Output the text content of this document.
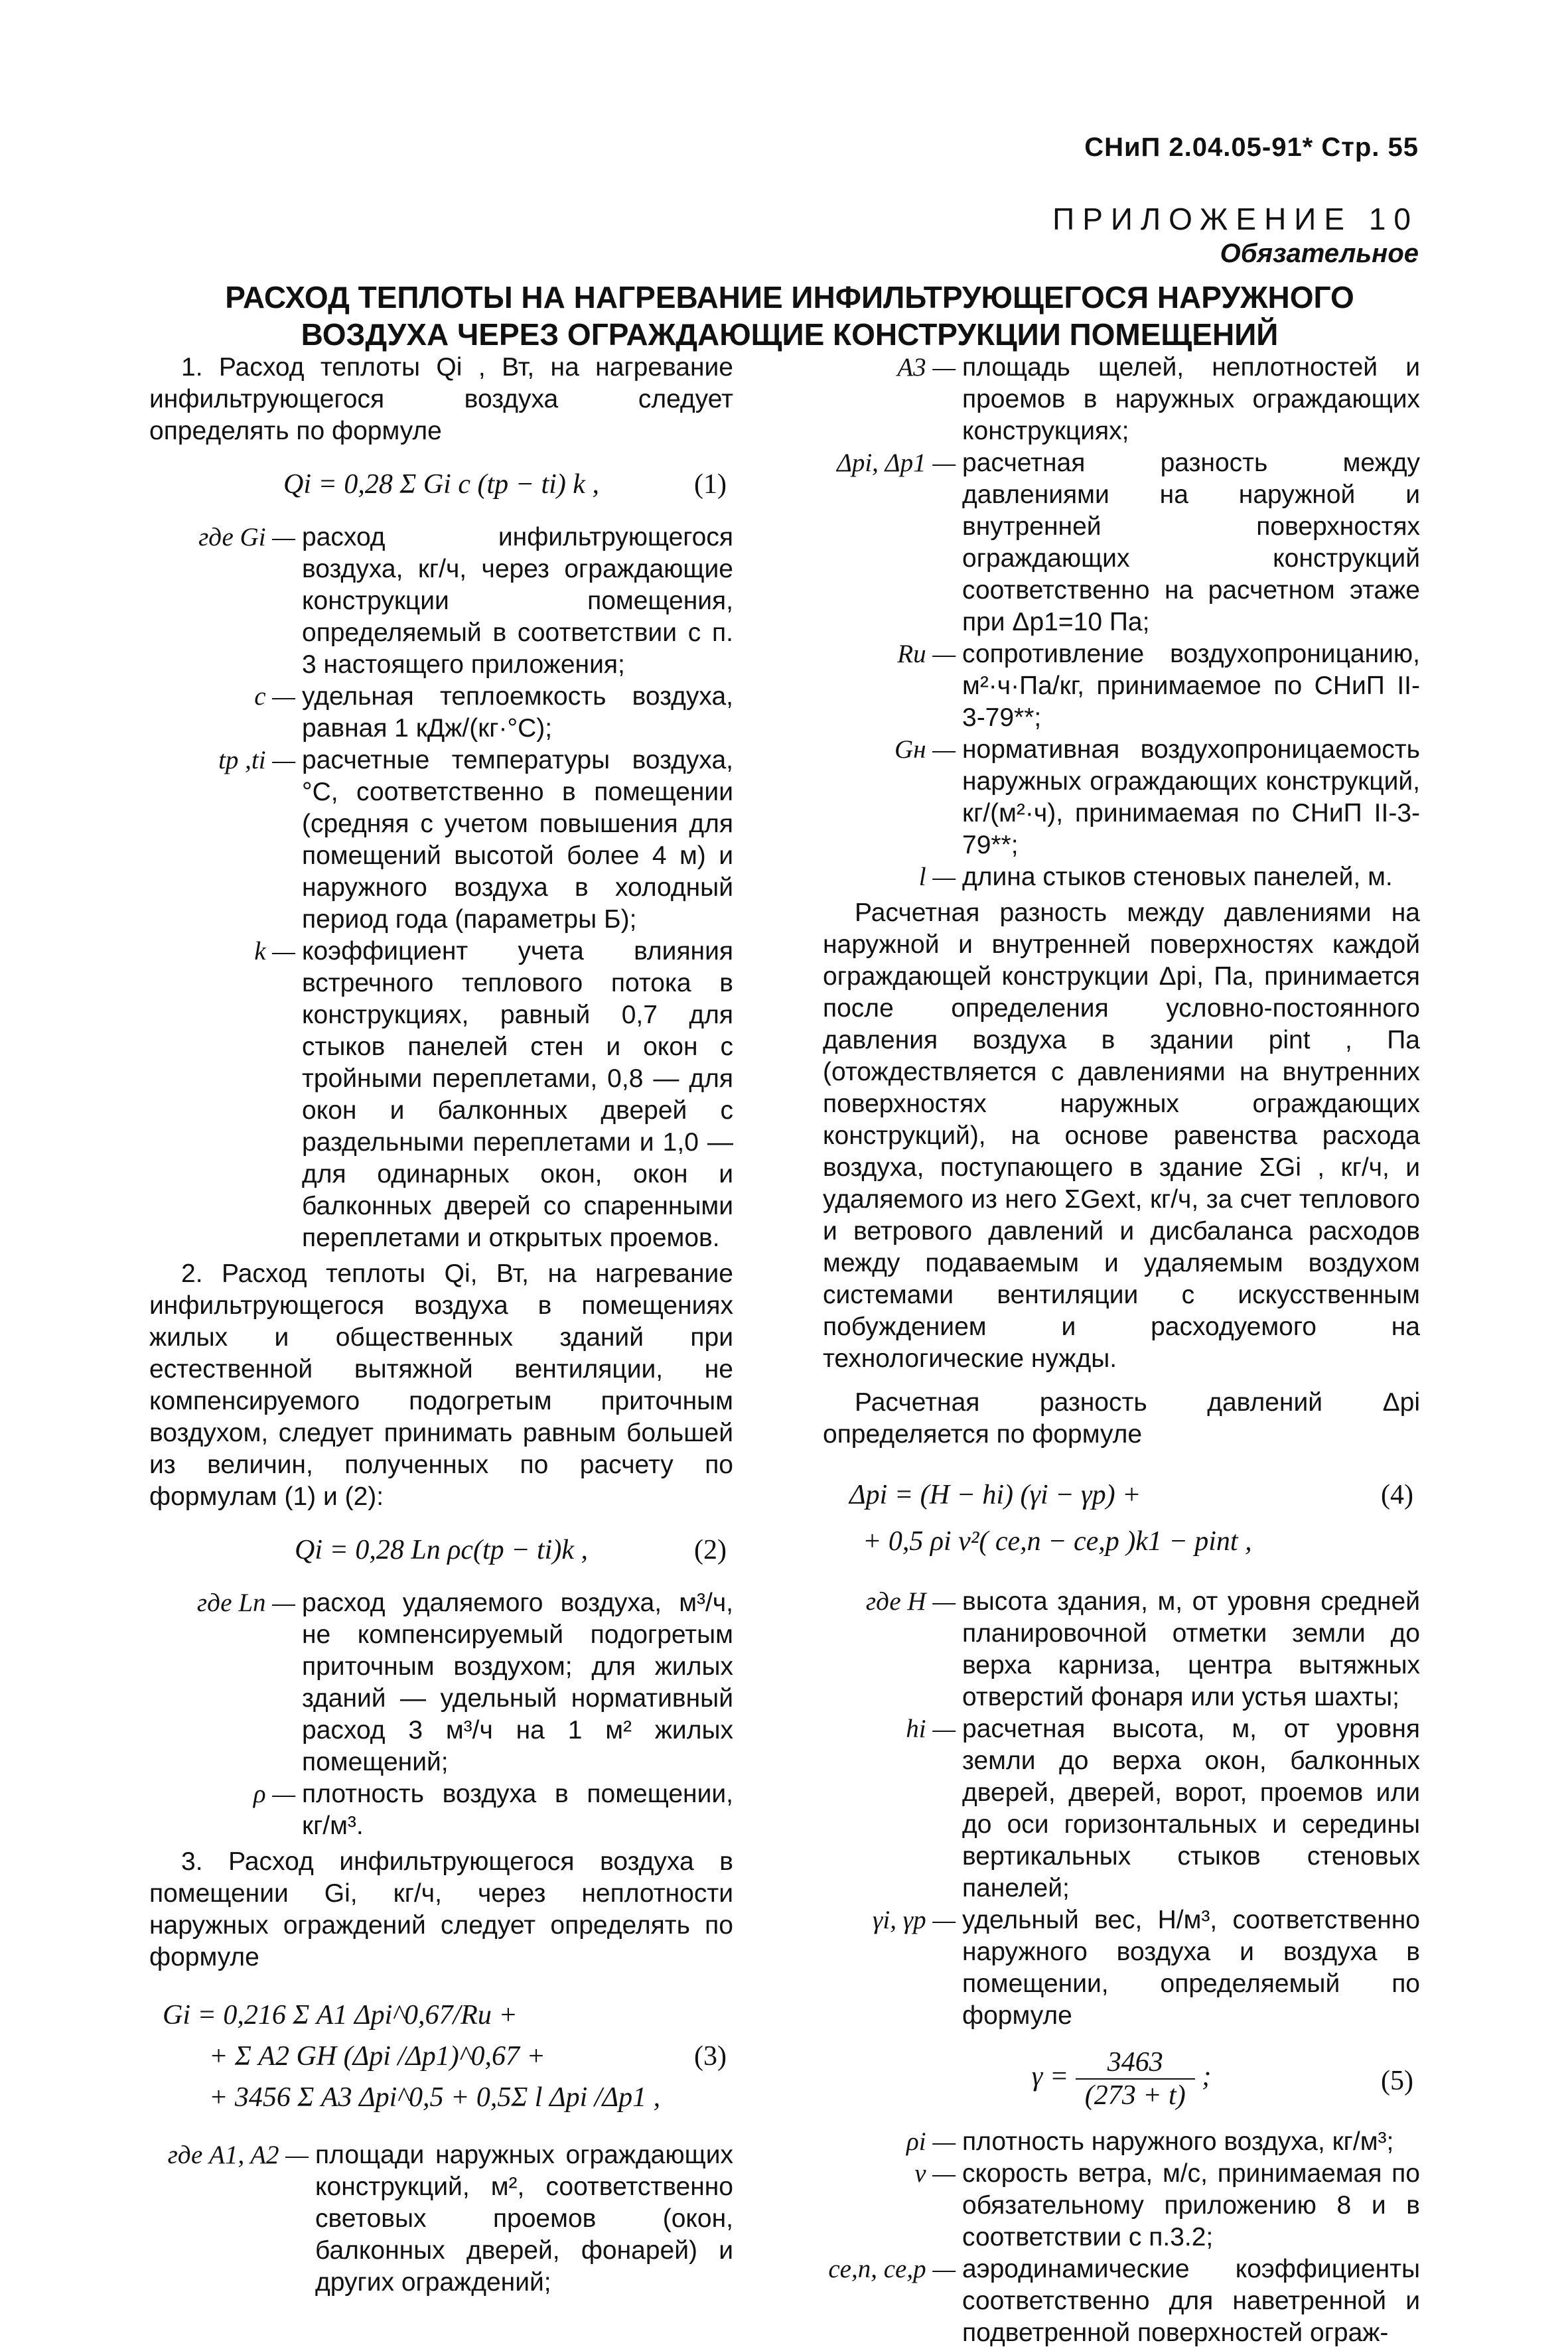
СНиП 2.04.05-91* Стр. 55
ПРИЛОЖЕНИЕ 10
Обязательное
РАСХОД ТЕПЛОТЫ НА НАГРЕВАНИЕ ИНФИЛЬТРУЮЩЕГОСЯ НАРУЖНОГО
ВОЗДУХА ЧЕРЕЗ ОГРАЖДАЮЩИЕ КОНСТРУКЦИИ ПОМЕЩЕНИЙ

1. Расход теплоты Qi , Вт, на нагревание инфильтрующегося воздуха следует определять по формуле

Qi = 0,28 Σ Gi c (tp − ti) k ,	(1)
где Gi — расход инфильтрующегося воздуха, кг/ч, через ограждающие конструкции помещения, определяемый в соответствии с п. 3 настоящего приложения;
c — удельная теплоемкость воздуха, равная 1 кДж/(кг·°С);
tp ,ti — расчетные температуры воздуха, °С, соответственно в помещении (средняя с учетом повышения для помещений высотой более 4 м) и наружного воздуха в холодный период года (параметры Б);
k — коэффициент учета влияния встречного теплового потока в конструкциях, равный 0,7 для стыков панелей стен и окон с тройными переплетами, 0,8 — для окон и балконных дверей с раздельными переплетами и 1,0 — для одинарных окон, окон и балконных дверей со спаренными переплетами и открытых проемов.

2. Расход теплоты Qi, Вт, на нагревание инфильтрующегося воздуха в помещениях жилых и общественных зданий при естественной вытяжной вентиляции, не компенсируемого подогретым приточным воздухом, следует принимать равным большей из величин, полученных по расчету по формулам (1) и (2):

Qi = 0,28 Ln ρc(tp − ti)k ,	(2)
где Ln — расход удаляемого воздуха, м³/ч, не компенсируемый подогретым приточным воздухом; для жилых зданий — удельный нормативный расход 3 м³/ч на 1 м² жилых помещений;
ρ — плотность воздуха в помещении, кг/м³.

3. Расход инфильтрующегося воздуха в помещении Gi, кг/ч, через неплотности наружных ограждений следует определять по формуле

Gi = 0,216 Σ A1 Δpi^0,67/Ru +
+ Σ A2 GH (Δpi /Δp1)^0,67 +
+ 3456 Σ A3 Δpi^0,5 + 0,5Σ l Δpi /Δp1 ,
(3)
где A1, A2 — площади наружных ограждающих конструкций, м², соответственно световых проемов (окон, балконных дверей, фонарей) и других ограждений;
A3 — площадь щелей, неплотностей и проемов в наружных ограждающих конструкциях;
Δpi, Δp1 — расчетная разность между давлениями на наружной и внутренней поверхностях ограждающих конструкций соответственно на расчетном этаже при Δp1=10 Па;
Ru — сопротивление воздухопроницанию, м²·ч·Па/кг, принимаемое по СНиП II-3-79**;
Gн — нормативная воздухопроницаемость наружных ограждающих конструкций, кг/(м²·ч), принимаемая по СНиП II-3-79**;
l — длина стыков стеновых панелей, м.

Расчетная разность между давлениями на наружной и внутренней поверхностях каждой ограждающей конструкции Δpi, Па, принимается после определения условно-постоянного давления воздуха в здании pint , Па (отождествляется с давлениями на внутренних поверхностях наружных ограждающих конструкций), на основе равенства расхода воздуха, поступающего в здание ΣGi , кг/ч, и удаляемого из него ΣGext, кг/ч, за счет теплового и ветрового давлений и дисбаланса расходов между подаваемым и удаляемым воздухом системами вентиляции с искусственным побуждением и расходуемого на технологические нужды.

Расчетная разность давлений Δpi определяется по формуле

Δpi = (H − hi) (γi − γp) +
+ 0,5 ρi v²( ce,n − ce,p )k1 − pint ,
(4)
где H — высота здания, м, от уровня средней планировочной отметки земли до верха карниза, центра вытяжных отверстий фонаря или устья шахты;
hi — расчетная высота, м, от уровня земли до верха окон, балконных дверей, дверей, ворот, проемов или до оси горизонтальных и середины вертикальных стыков стеновых панелей;
γi, γp — удельный вес, Н/м³, соответственно наружного воздуха и воздуха в помещении, определяемый по формуле
$\gamma = \frac{3463}{(273 + t)}$ ;	(5)
ρi — плотность наружного воздуха, кг/м³;
v — скорость ветра, м/с, принимаемая по обязательному приложению 8 и в соответствии с п.3.2;
ce,n, ce,p — аэродинамические коэффициенты соответственно для наветренной и подветренной поверхностей ограж-
